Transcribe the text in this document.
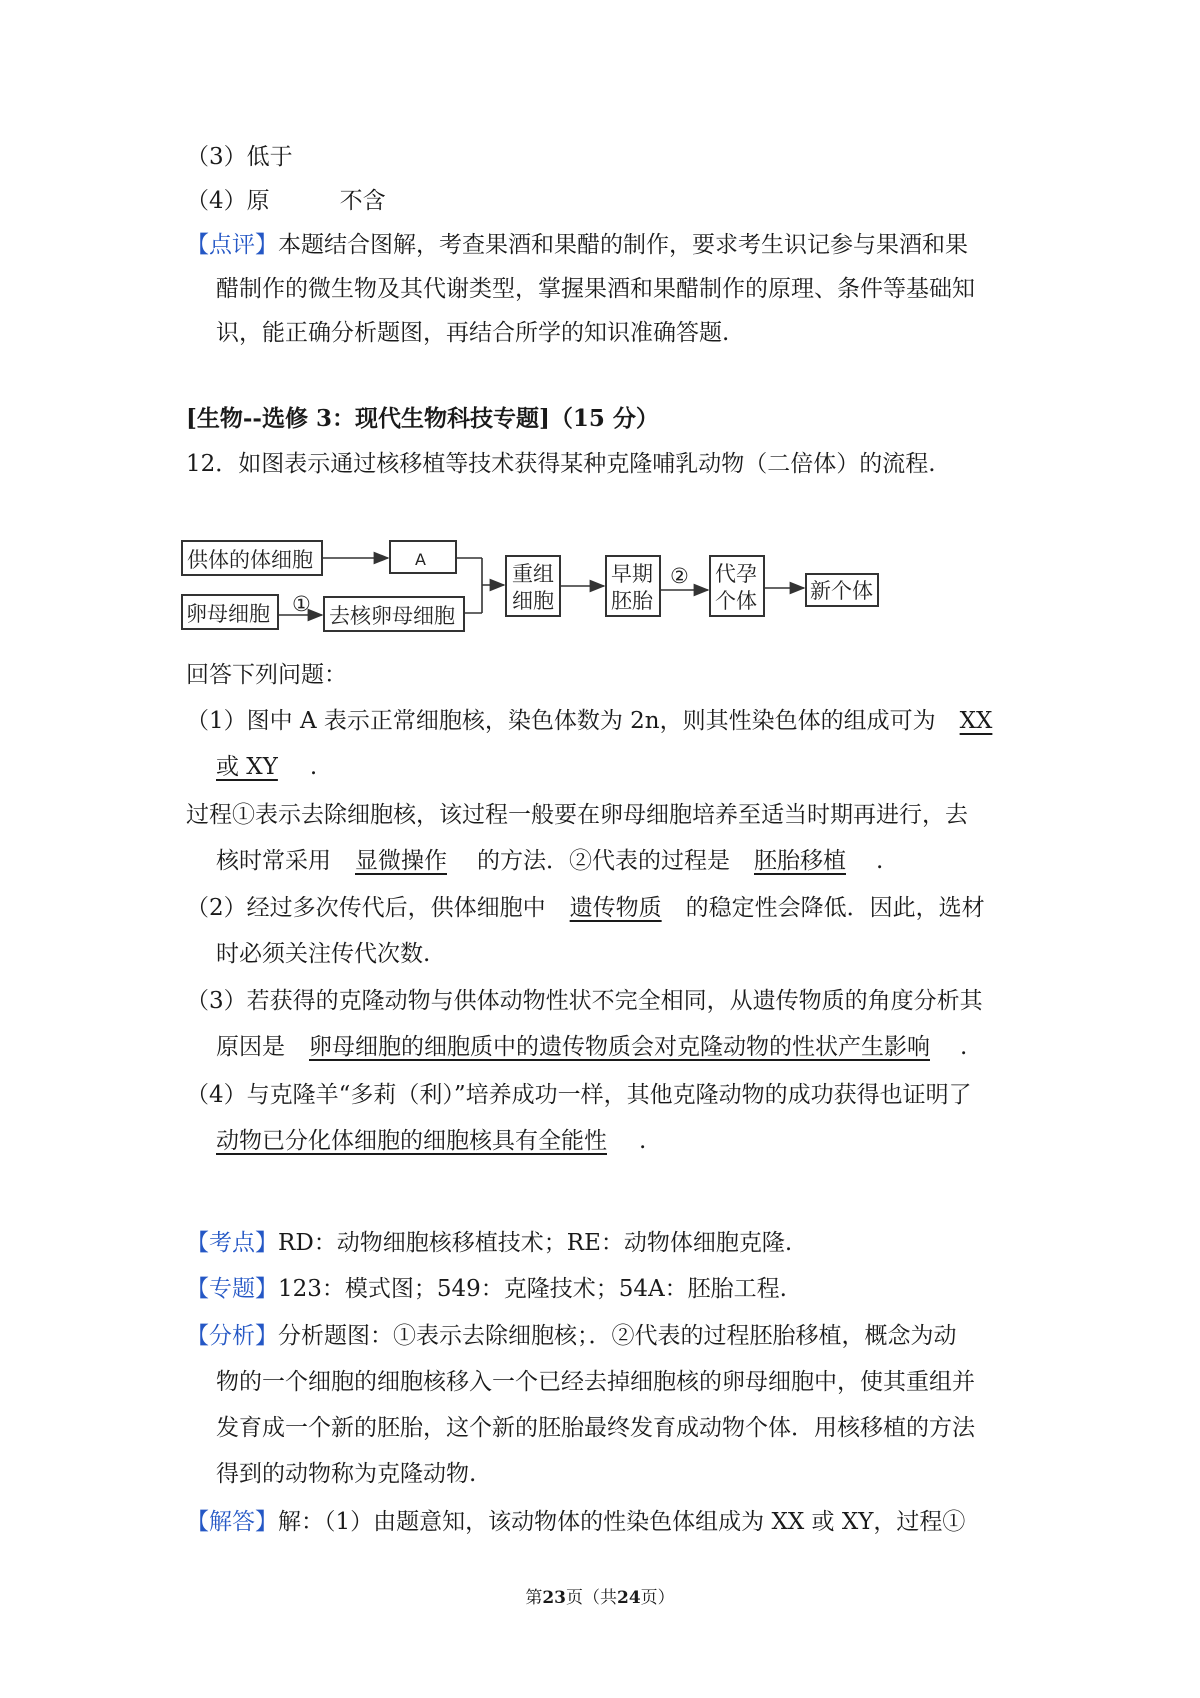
（3）低于
（4）原	不含
【点评】本题结合图解，考查果酒和果醋的制作，要求考生识记参与果酒和果
醋制作的微生物及其代谢类型，掌握果酒和果醋制作的原理、条件等基础知
识，能正确分析题图，再结合所学的知识准确答题.
[生物--选修 3：现代生物科技专题]（15 分）
12．如图表示通过核移植等技术获得某种克隆哺乳动物（二倍体）的流程.
供体的体细胞	A
卵母细胞 ① 去核卵母细胞
重组
细胞
早期
胚胎
② 代孕
个体	新个体
回答下列问题：
（1）图中 A 表示正常细胞核，染色体数为 2n，则其性染色体的组成可为 XX
或 XY .
过程①表示去除细胞核，该过程一般要在卵母细胞培养至适当时期再进行，去
核时常采用 显微操作 的方法．②代表的过程是 胚胎移植 .
（2）经过多次传代后，供体细胞中 遗传物质 的稳定性会降低．因此，选材
时必须关注传代次数.
（3）若获得的克隆动物与供体动物性状不完全相同，从遗传物质的角度分析其
原因是 卵母细胞的细胞质中的遗传物质会对克隆动物的性状产生影响 .
（4）与克隆羊“多莉（利）”培养成功一样，其他克隆动物的成功获得也证明了
动物已分化体细胞的细胞核具有全能性 .
【考点】RD：动物细胞核移植技术；RE：动物体细胞克隆.
【专题】123：模式图；549：克隆技术；54A：胚胎工程.
【分析】分析题图：①表示去除细胞核；．②代表的过程胚胎移植，概念为动
物的一个细胞的细胞核移入一个已经去掉细胞核的卵母细胞中，使其重组并
发育成一个新的胚胎，这个新的胚胎最终发育成动物个体．用核移植的方法
得到的动物称为克隆动物.
【解答】解：（1）由题意知，该动物体的性染色体组成为 XX 或 XY，过程①
第23页（共24页）
